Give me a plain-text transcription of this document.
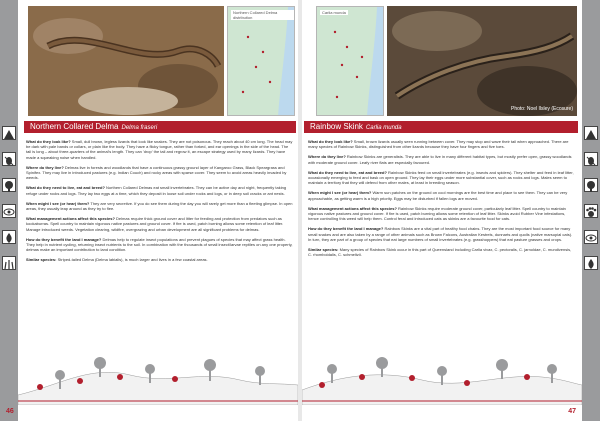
Northern Collared Delma distribution
Northern Collared Delma Delma fraseri

What do they look like? Small, dull brown, legless lizards that look like snakes. They are not poisonous. They reach about 40 cm long. The head may be dark with pale bands or collars, or plain like the body. They have a flicky tongue, rather than forked, and ear openings in the side of the head. The tail is long – about three-quarters of the animal's length. They can 'drop' the tail and regrow it, an escape strategy used by many lizards. They have made a squeaking noise when handled.

Where do they live? Delmas live in forests and woodlands that have a continuous grassy ground layer of Kangaroo Grass, Black Speargrass and Spinifex. They may live in introduced pastures (e.g. Indian Couch) and rocky areas with sparse cover. They seem to avoid areas heavily invaded by weeds.

What do they need to live, eat and breed? Northern Collared Delmas eat small invertebrates. They can be active day and night, frequently taking refuge under rocks and logs. They lay two eggs at a time, which they deposit in loose soil under rocks and logs, or in deep soil cracks or ant nests.

When might I see (or hear) them? They are very secretive. If you do see them during the day you will rarely get more than a fleeting glimpse. In open areas, they usually leap around as they try to flee.

What management actions affect this species? Delmas require thick ground cover and litter for feeding and protection from predators such as kookaburras. Spell country to maintain vigorous native pastures and ground cover. If fire is used, patch burning allows some retention of leaf litter. Manage introduced weeds. Vegetation clearing, wildfire, overgrazing and urban development are all significant problems for delmas.

How do they benefit the land I manage? Delmas help to regulate insect populations and prevent plagues of species that may affect grass health. They help in nutrient cycling, returning insect nutrients to the soil. In combination with the thousands of small insect/larvae reptiles on any one property, delmas make an important contribution to land condition.

Similar species: Striped-tailed Delma (Delma labialis), is much larger and lives in a few coastal areas.

46
Carlia munda
Photo: Noel Ilsley (Ecosure)
Rainbow Skink Carlia munda

What do they look like? Small, brown lizards usually seen running between cover. They may stop and wave their tail when approached. There are many species of Rainbow Skinks, distinguished from other lizards because they have four fingers and five toes.

Where do they live? Rainbow Skinks are generalists. They are able to live in many different habitat types, but mostly prefer open, grassy woodlands with moderate ground cover. Leafy river flats are especially favoured.

What do they need to live, eat and breed? Rainbow Skinks feed on small invertebrates (e.g. insects and spiders). They shelter and feed in leaf litter, occasionally emerging to feed and bask on open ground. They lay their eggs under more substantial cover, such as rocks and logs. Males seem to maintain a territory that they will defend from other males, at least in breeding season.

When might I see (or hear) them? Warm sun patches on the ground on cool mornings are the best time and place to see them. They can be very approachable, as getting warm is a high priority. Eggs may be disturbed if fallen logs are moved.

What management actions affect this species? Rainbow Skinks require moderate ground cover, particularly leaf litter. Spell country to maintain vigorous native pastures and ground cover. If fire is used, patch burning allows some retention of leaf litter. Skinks avoid Rubber Vine infestations, hence controlling this weed will help them. Control feral and introduced cats as skinks are a favourite food for cats.

How do they benefit the land I manage? Rainbow Skinks are a vital part of healthy food chains. They are the most important food source for many small snakes and are also taken by a range of other animals such as Brown Falcons, Australian Kestrels, dunnarts and quolls (native marsupial cats). In turn, they are part of a group of species that eat large numbers of small invertebrates (e.g. grasshoppers) that eat pasture grasses and crops.

Similar species: Many species of Rainbow Skink occur in this part of Queensland including Carlia vivax, C. pectoralis, C. jarnoldae, C. mundivensis, C. rhomboidalis, C. schmeltzii.

47
